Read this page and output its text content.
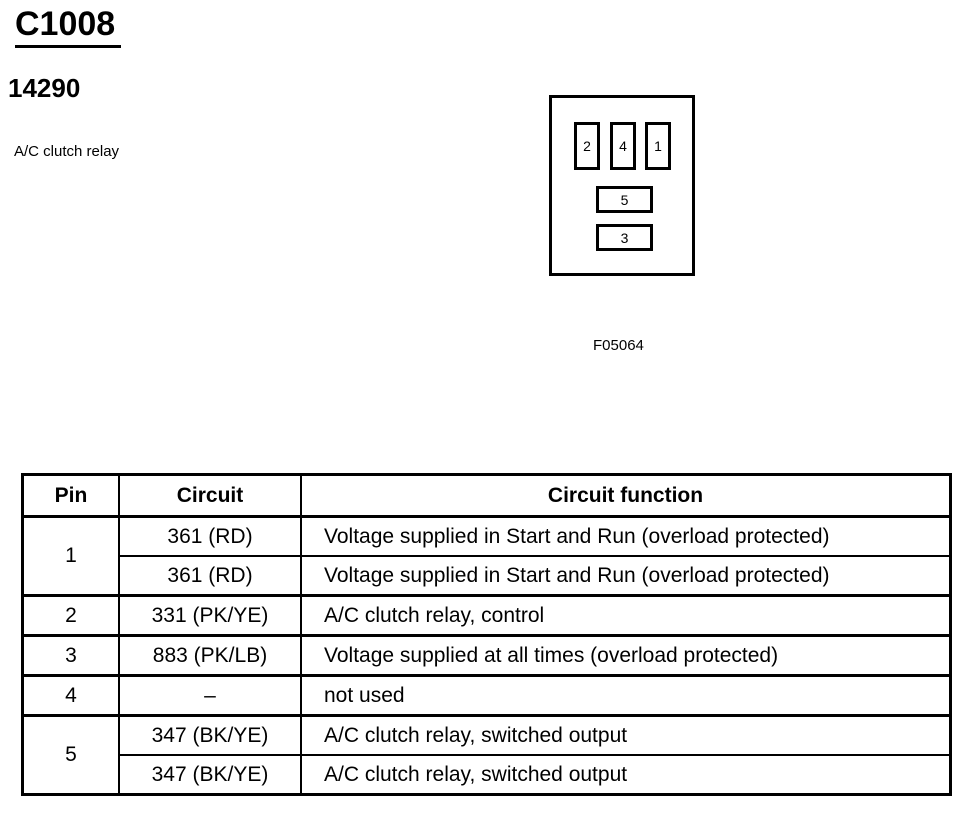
C1008
14290
A/C clutch relay	2	4	1
5
3
F05064
Pin	Circuit	Circuit function
1	361 (RD)	Voltage supplied in Start and Run (overload protected)
	361 (RD)	Voltage supplied in Start and Run (overload protected)
2	331 (PK/YE)	A/C clutch relay, control
3	883 (PK/LB)	Voltage supplied at all times (overload protected)
4	–	not used
5	347 (BK/YE)	A/C clutch relay, switched output
	347 (BK/YE)	A/C clutch relay, switched output
